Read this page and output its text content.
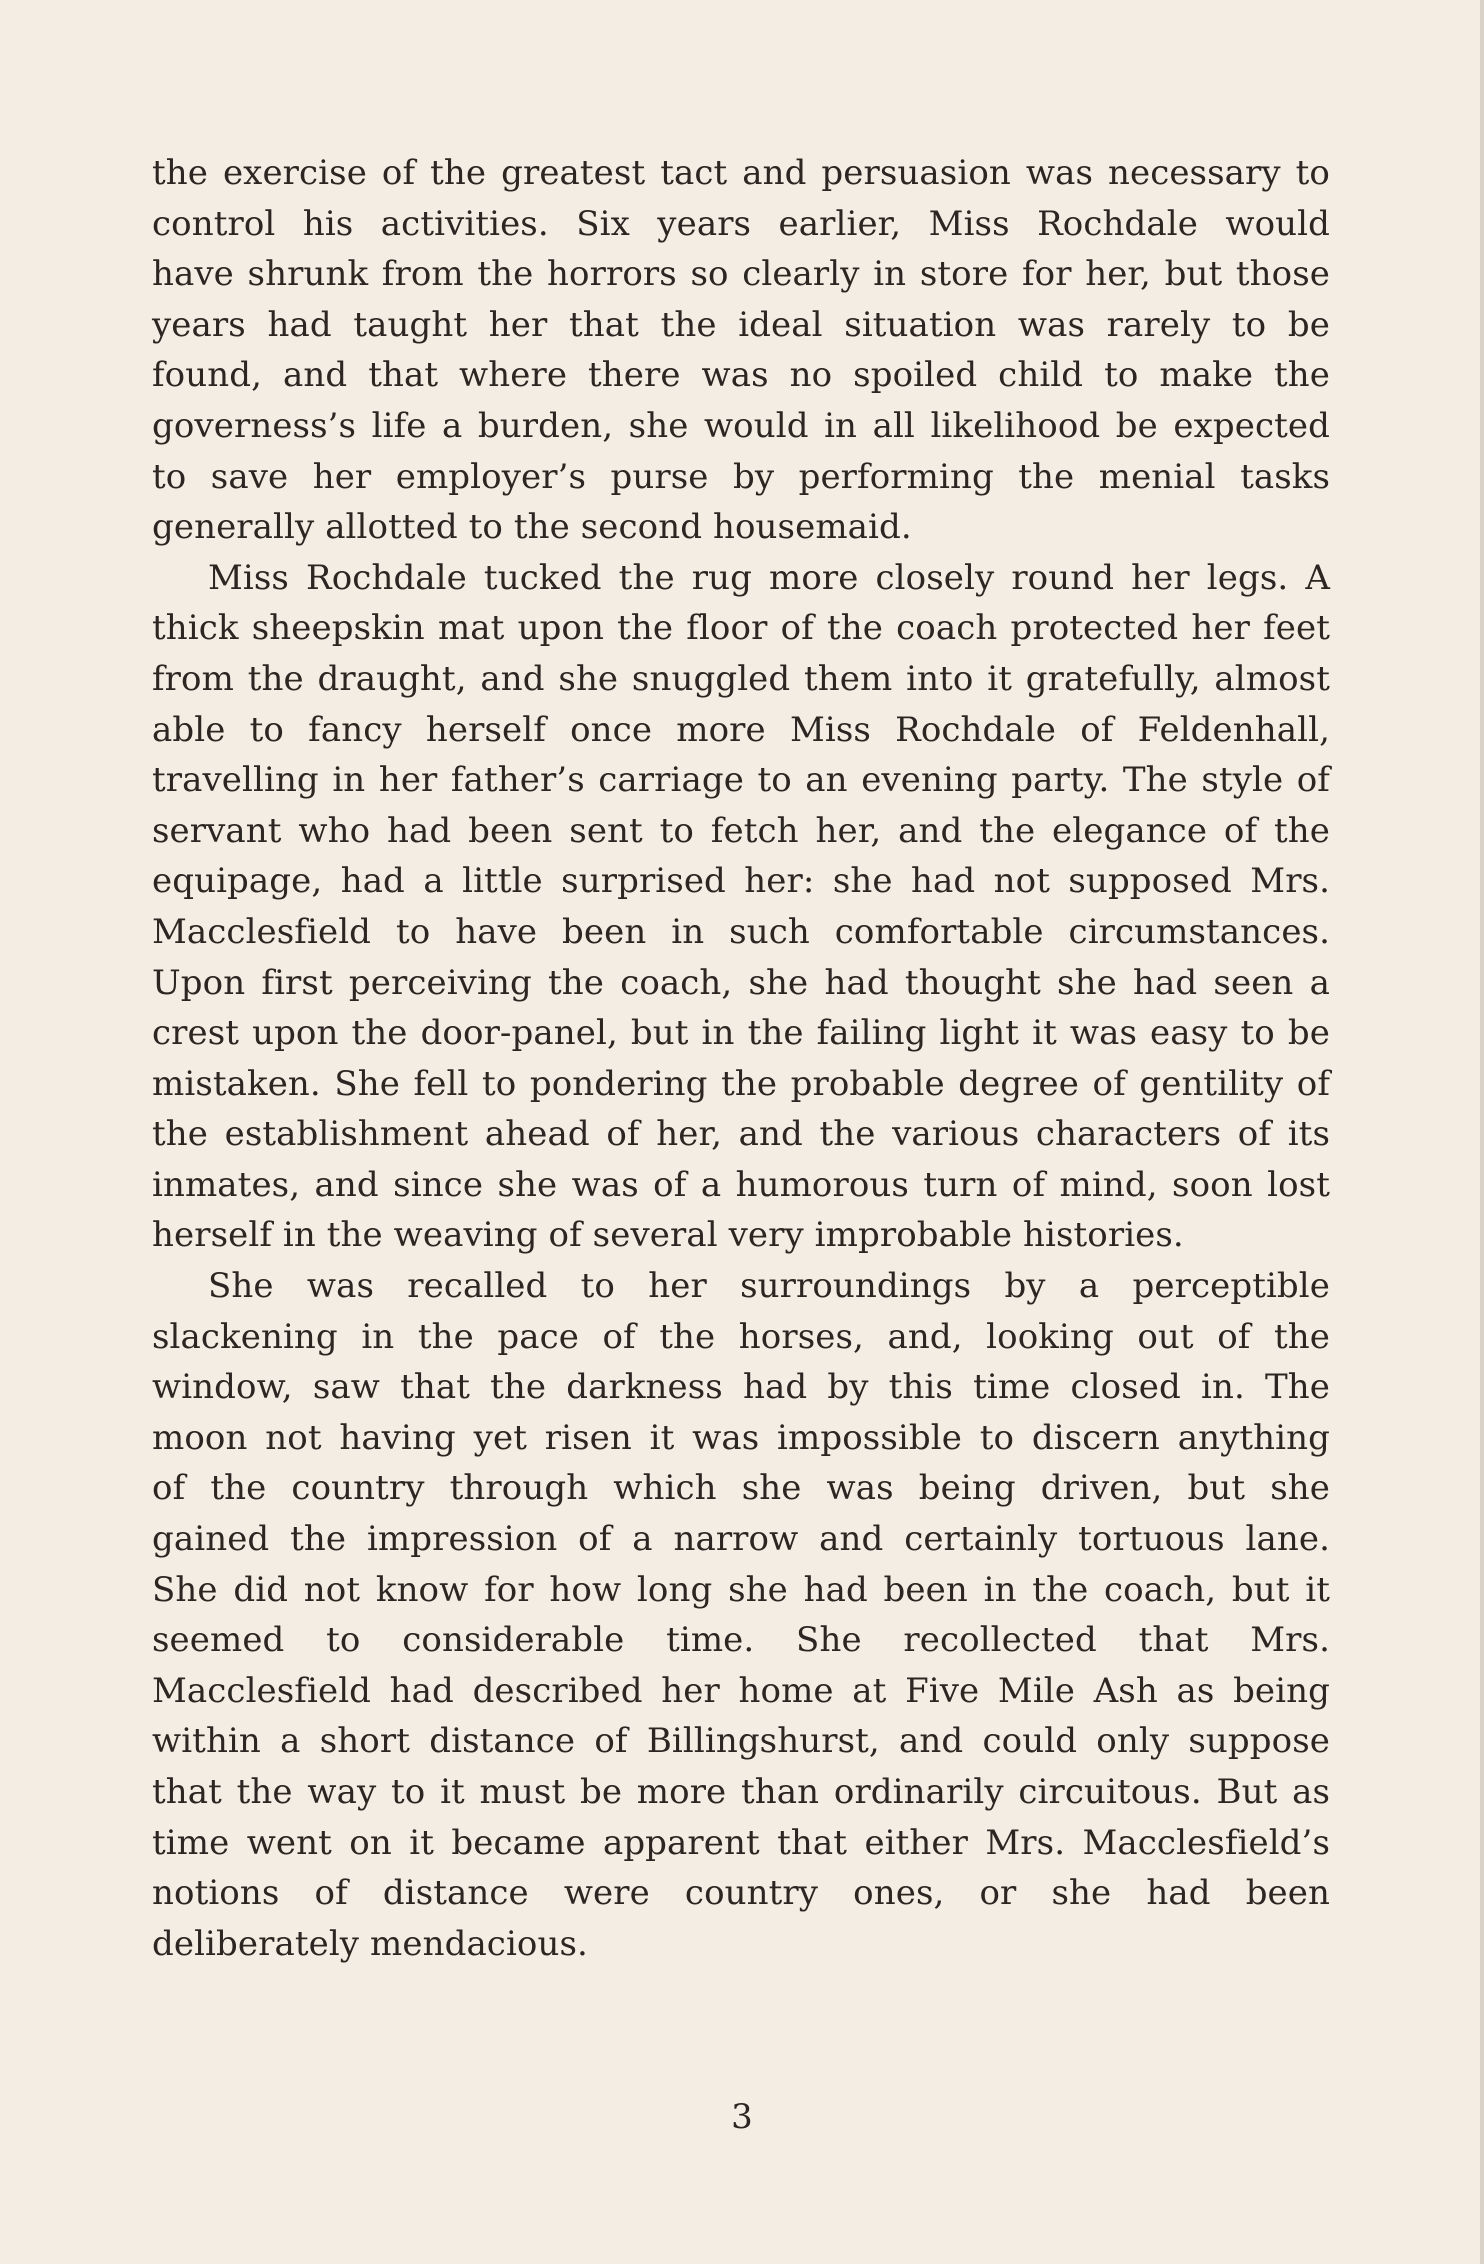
the exercise of the greatest tact and persuasion was necessary to
control his activities. Six years earlier, Miss Rochdale would
have shrunk from the horrors so clearly in store for her, but those
years had taught her that the ideal situation was rarely to be
found, and that where there was no spoiled child to make the
governess’s life a burden, she would in all likelihood be expected
to save her employer’s purse by performing the menial tasks
generally allotted to the second housemaid.
Miss Rochdale tucked the rug more closely round her legs. A
thick sheepskin mat upon the floor of the coach protected her feet
from the draught, and she snuggled them into it gratefully, almost
able to fancy herself once more Miss Rochdale of Feldenhall,
travelling in her father’s carriage to an evening party. The style of
servant who had been sent to fetch her, and the elegance of the
equipage, had a little surprised her: she had not supposed Mrs.
Macclesfield to have been in such comfortable circumstances.
Upon first perceiving the coach, she had thought she had seen a
crest upon the door-panel, but in the failing light it was easy to be
mistaken. She fell to pondering the probable degree of gentility of
the establishment ahead of her, and the various characters of its
inmates, and since she was of a humorous turn of mind, soon lost
herself in the weaving of several very improbable histories.
She was recalled to her surroundings by a perceptible
slackening in the pace of the horses, and, looking out of the
window, saw that the darkness had by this time closed in. The
moon not having yet risen it was impossible to discern anything
of the country through which she was being driven, but she
gained the impression of a narrow and certainly tortuous lane.
She did not know for how long she had been in the coach, but it
seemed to considerable time. She recollected that Mrs.
Macclesfield had described her home at Five Mile Ash as being
within a short distance of Billingshurst, and could only suppose
that the way to it must be more than ordinarily circuitous. But as
time went on it became apparent that either Mrs. Macclesfield’s
notions of distance were country ones, or she had been
deliberately mendacious.
3
